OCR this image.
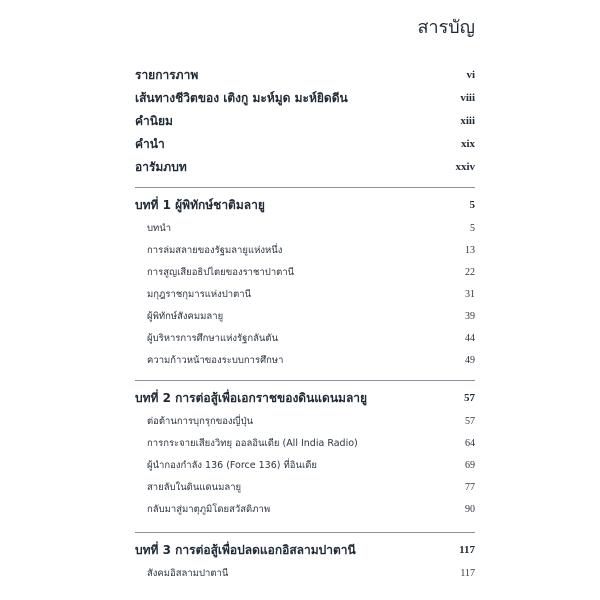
สารบัญ
รายการภาพ	vi
เส้นทางชีวิตของ เติงกู มะห์มูด มะห์ยิดดีน	viii
คำนิยม	xiii
คำนำ	xix
อารัมภบท	xxiv
บทที่ 1 ผู้พิทักษ์ชาติมลายู	5
บทนำ	5
การล่มสลายของรัฐมลายูแห่งหนึ่ง	13
การสูญเสียอธิปไตยของราชาปาตานี	22
มกุฎราชกุมารแห่งปาตานี	31
ผู้พิทักษ์สังคมมลายู	39
ผู้บริหารการศึกษาแห่งรัฐกลันตัน	44
ความก้าวหน้าของระบบการศึกษา	49
บทที่ 2 การต่อสู้เพื่อเอกราชของดินแดนมลายู	57
ต่อต้านการบุกรุกของญี่ปุ่น	57
การกระจายเสียงวิทยุ ออลอินเดีย (All India Radio)	64
ผู้นำกองกำลัง 136 (Force 136) ที่อินเดีย	69
สายลับในดินแดนมลายู	77
กลับมาสู่มาตุภูมิโดยสวัสดิภาพ	90
บทที่ 3 การต่อสู้เพื่อปลดแอกอิสลามปาตานี	117
สังคมอิสลามปาตานี	117
